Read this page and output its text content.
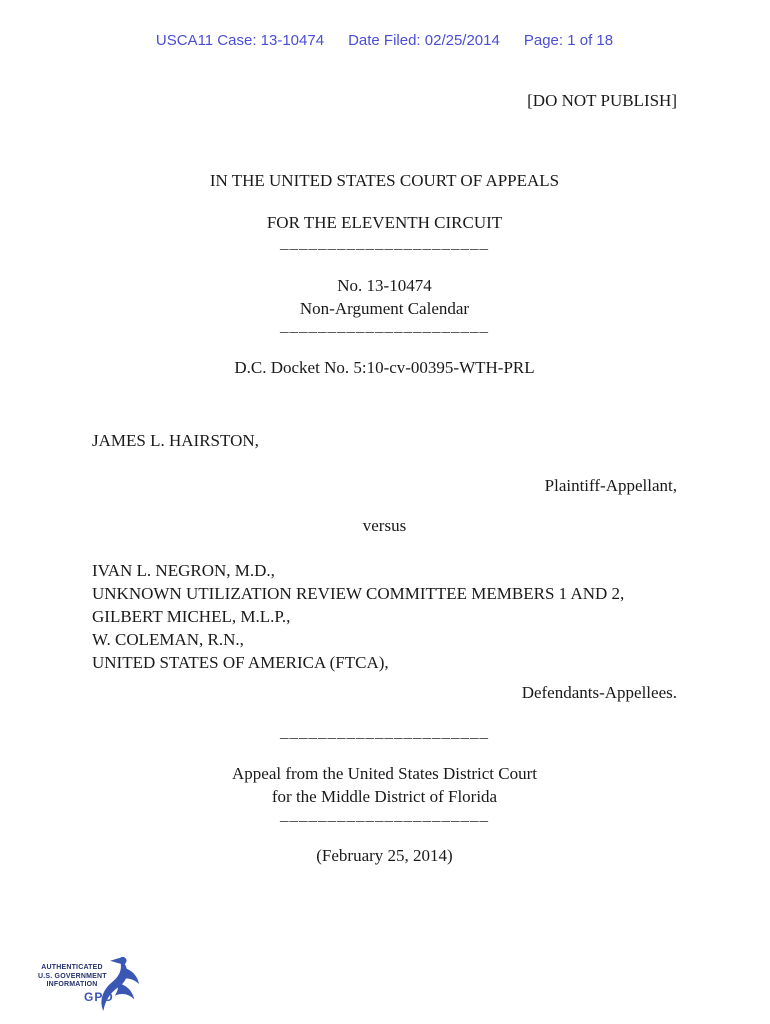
USCA11 Case: 13-10474 Date Filed: 02/25/2014 Page: 1 of 18
[DO NOT PUBLISH]
IN THE UNITED STATES COURT OF APPEALS
FOR THE ELEVENTH CIRCUIT
______________________
No. 13-10474
Non-Argument Calendar
______________________
D.C. Docket No. 5:10-cv-00395-WTH-PRL
JAMES L. HAIRSTON,
Plaintiff-Appellant,
versus
IVAN L. NEGRON, M.D.,
UNKNOWN UTILIZATION REVIEW COMMITTEE MEMBERS 1 AND 2,
GILBERT MICHEL, M.L.P.,
W. COLEMAN, R.N.,
UNITED STATES OF AMERICA (FTCA),
Defendants-Appellees.
______________________
Appeal from the United States District Court
for the Middle District of Florida
______________________
(February 25, 2014)
AUTHENTICATED
U.S. GOVERNMENT
INFORMATION
GPO
